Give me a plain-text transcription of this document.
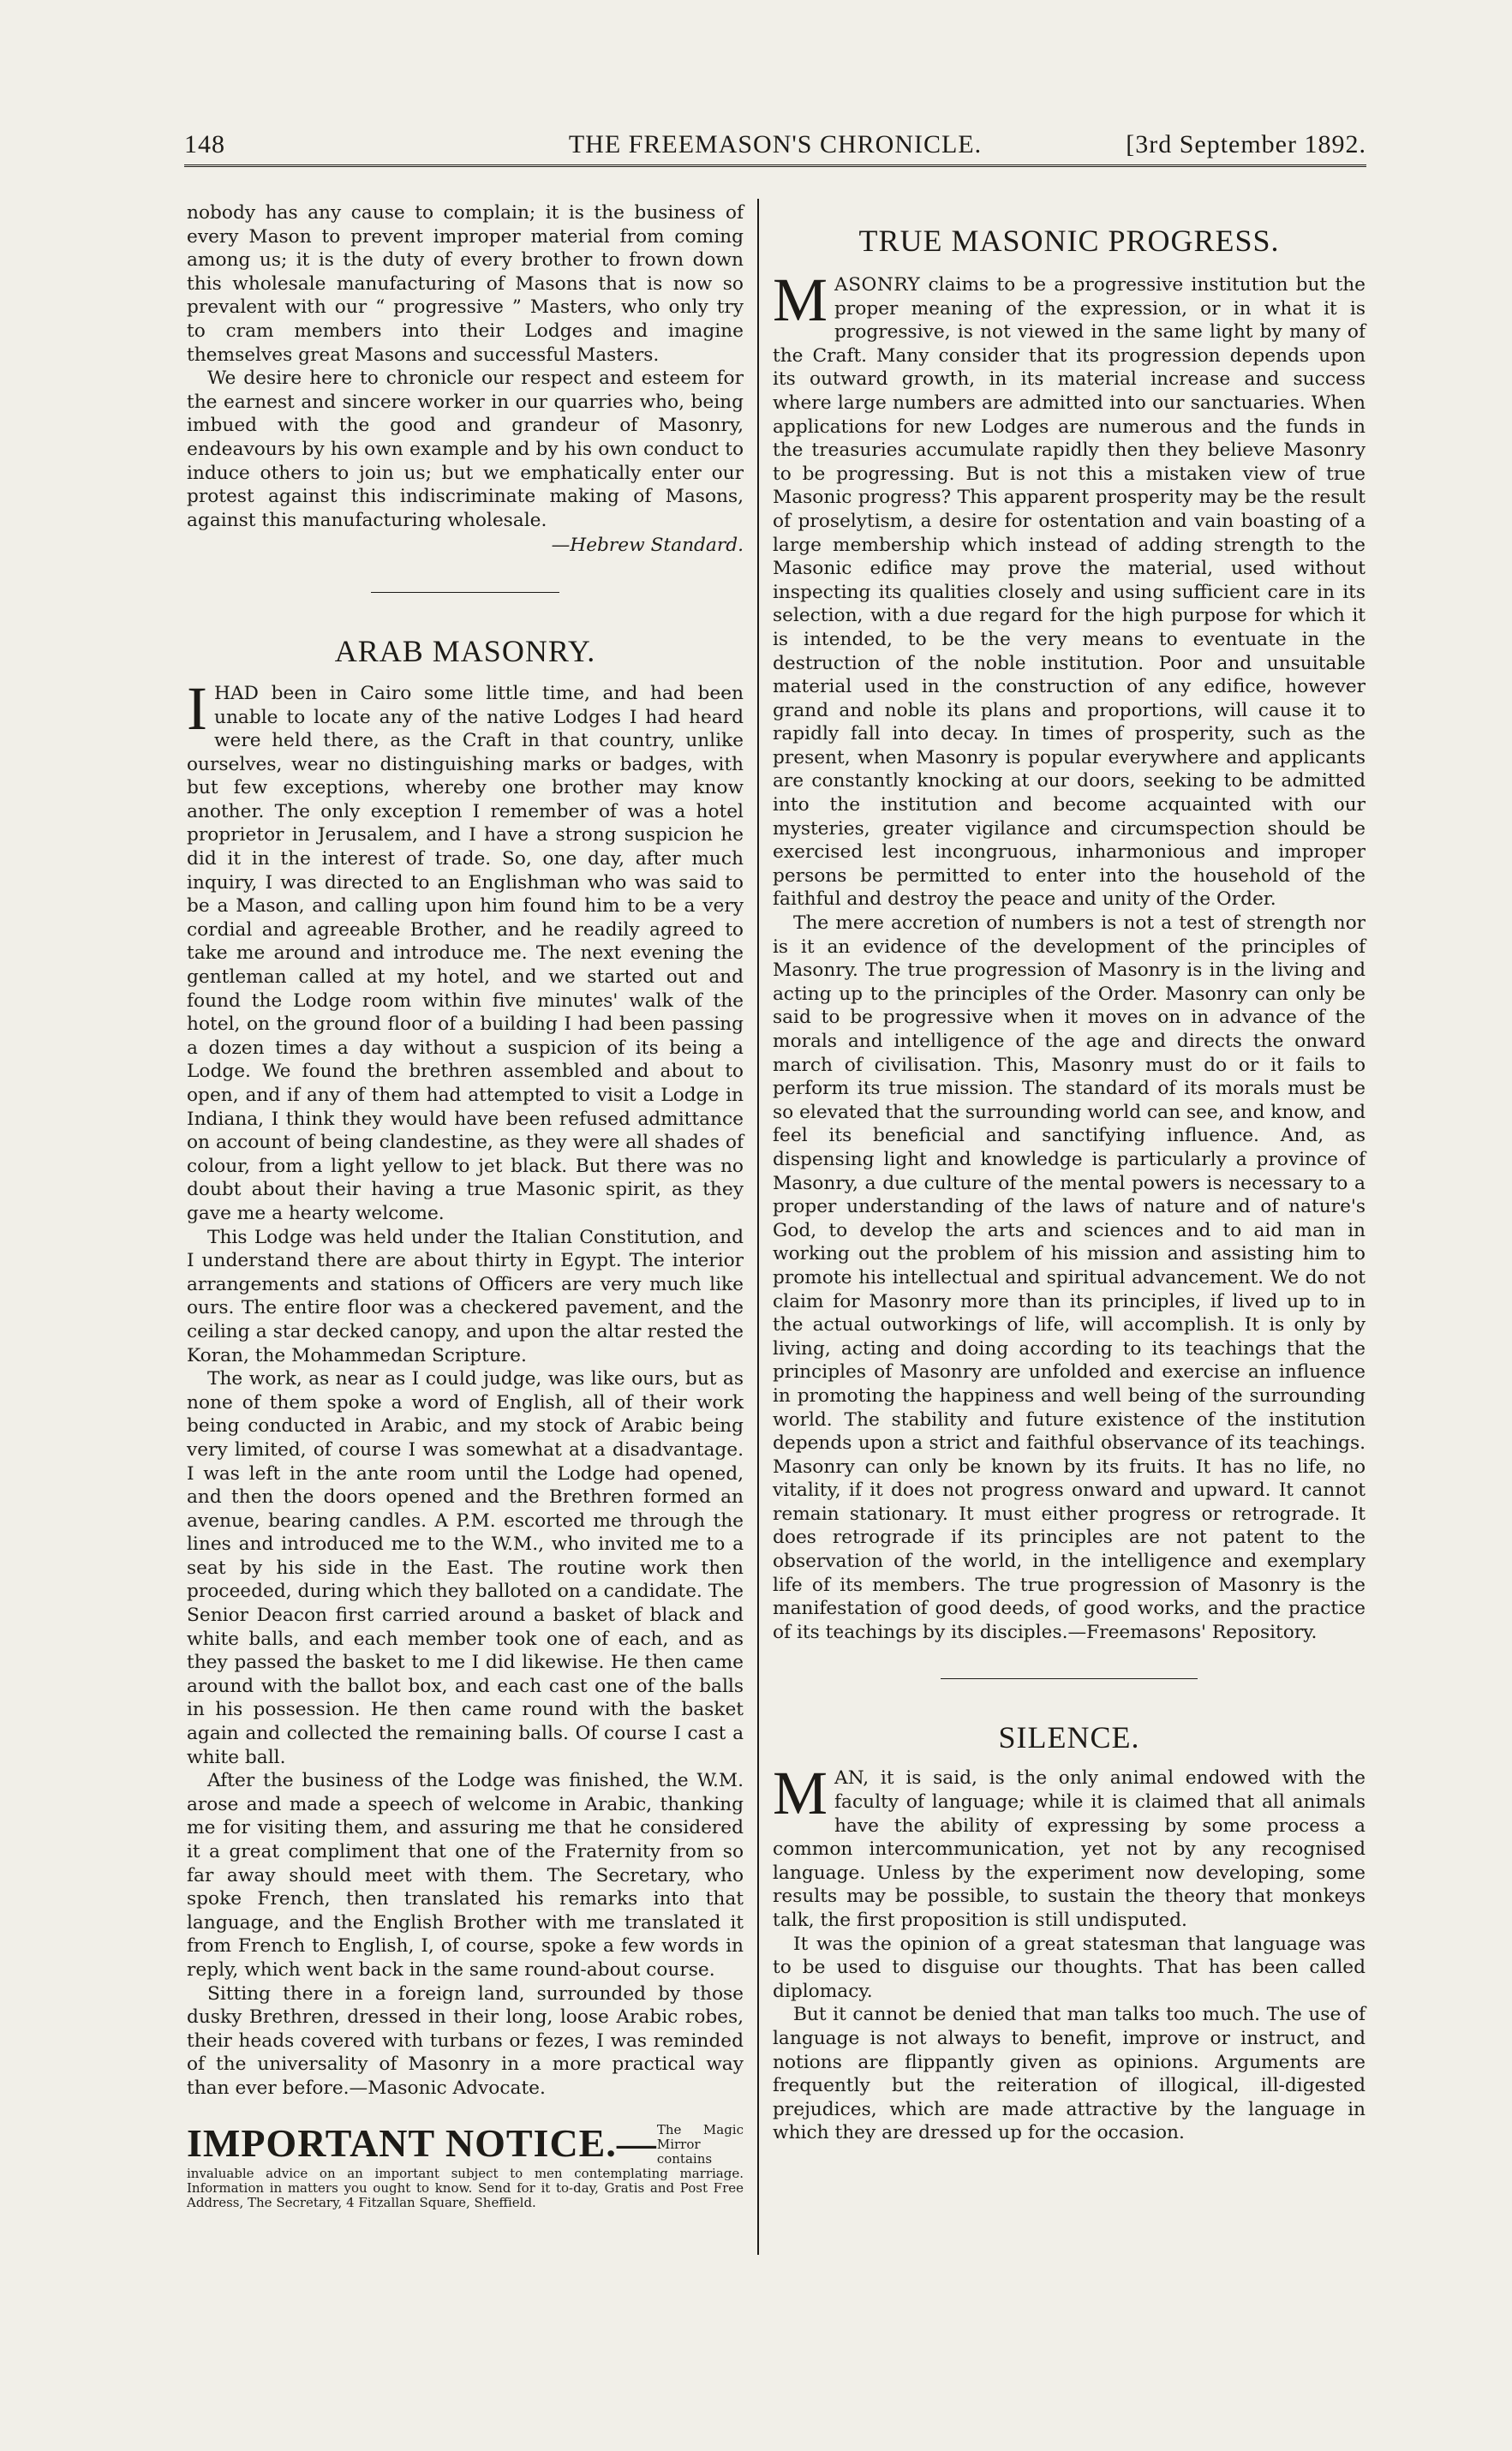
148	THE FREEMASON'S CHRONICLE.	[3rd September 1892.

nobody has any cause to complain; it is the business of every Mason to prevent improper material from coming among us; it is the duty of every brother to frown down this wholesale manufacturing of Masons that is now so prevalent with our “ progressive ” Masters, who only try to cram members into their Lodges and imagine themselves great Masons and successful Masters.

We desire here to chronicle our respect and esteem for the earnest and sincere worker in our quarries who, being imbued with the good and grandeur of Masonry, endeavours by his own example and by his own conduct to induce others to join us; but we emphatically enter our protest against this indiscriminate making of Masons, against this manufacturing wholesale.

—Hebrew Standard.

ARAB MASONRY.

IHAD been in Cairo some little time, and had been unable to locate any of the native Lodges I had heard were held there, as the Craft in that country, unlike ourselves, wear no distinguishing marks or badges, with but few exceptions, whereby one brother may know another. The only exception I remember of was a hotel proprietor in Jerusalem, and I have a strong suspicion he did it in the interest of trade. So, one day, after much inquiry, I was directed to an Englishman who was said to be a Mason, and calling upon him found him to be a very cordial and agreeable Brother, and he readily agreed to take me around and introduce me. The next evening the gentleman called at my hotel, and we started out and found the Lodge room within five minutes' walk of the hotel, on the ground floor of a building I had been passing a dozen times a day without a suspicion of its being a Lodge. We found the brethren assembled and about to open, and if any of them had attempted to visit a Lodge in Indiana, I think they would have been refused admittance on account of being clandestine, as they were all shades of colour, from a light yellow to jet black. But there was no doubt about their having a true Masonic spirit, as they gave me a hearty welcome.

This Lodge was held under the Italian Constitution, and I understand there are about thirty in Egypt. The interior arrangements and stations of Officers are very much like ours. The entire floor was a checkered pavement, and the ceiling a star decked canopy, and upon the altar rested the Koran, the Mohammedan Scripture.

The work, as near as I could judge, was like ours, but as none of them spoke a word of English, all of their work being conducted in Arabic, and my stock of Arabic being very limited, of course I was somewhat at a disadvantage. I was left in the ante room until the Lodge had opened, and then the doors opened and the Brethren formed an avenue, bearing candles. A P.M. escorted me through the lines and introduced me to the W.M., who invited me to a seat by his side in the East. The routine work then proceeded, during which they balloted on a candidate. The Senior Deacon first carried around a basket of black and white balls, and each member took one of each, and as they passed the basket to me I did likewise. He then came around with the ballot box, and each cast one of the balls in his possession. He then came round with the basket again and collected the remaining balls. Of course I cast a white ball.

After the business of the Lodge was finished, the W.M. arose and made a speech of welcome in Arabic, thanking me for visiting them, and assuring me that he considered it a great compliment that one of the Fraternity from so far away should meet with them. The Secretary, who spoke French, then translated his remarks into that language, and the English Brother with me translated it from French to English, I, of course, spoke a few words in reply, which went back in the same round-about course.

Sitting there in a foreign land, surrounded by those dusky Brethren, dressed in their long, loose Arabic robes, their heads covered with turbans or fezes, I was reminded of the universality of Masonry in a more practical way than ever before.—Masonic Advocate.

IMPORTANT NOTICE.— The Magic Mirror contains invaluable advice on an important subject to men contemplating marriage. Information in matters you ought to know. Send for it to-day, Gratis and Post Free Address, The Secretary, 4 Fitzallan Square, Sheffield.
TRUE MASONIC PROGRESS.

MASONRY claims to be a progressive institution but the proper meaning of the expression, or in what it is progressive, is not viewed in the same light by many of the Craft. Many consider that its progression depends upon its outward growth, in its material increase and success where large numbers are admitted into our sanctuaries. When applications for new Lodges are numerous and the funds in the treasuries accumulate rapidly then they believe Masonry to be progressing. But is not this a mistaken view of true Masonic progress? This apparent prosperity may be the result of proselytism, a desire for ostentation and vain boasting of a large membership which instead of adding strength to the Masonic edifice may prove the material, used without inspecting its qualities closely and using sufficient care in its selection, with a due regard for the high purpose for which it is intended, to be the very means to eventuate in the destruction of the noble institution. Poor and unsuitable material used in the construction of any edifice, however grand and noble its plans and proportions, will cause it to rapidly fall into decay. In times of prosperity, such as the present, when Masonry is popular everywhere and applicants are constantly knocking at our doors, seeking to be admitted into the institution and become acquainted with our mysteries, greater vigilance and circumspection should be exercised lest incongruous, inharmonious and improper persons be permitted to enter into the household of the faithful and destroy the peace and unity of the Order.

The mere accretion of numbers is not a test of strength nor is it an evidence of the development of the principles of Masonry. The true progression of Masonry is in the living and acting up to the principles of the Order. Masonry can only be said to be progressive when it moves on in advance of the morals and intelligence of the age and directs the onward march of civilisation. This, Masonry must do or it fails to perform its true mission. The standard of its morals must be so elevated that the surrounding world can see, and know, and feel its beneficial and sanctifying influence. And, as dispensing light and knowledge is particularly a province of Masonry, a due culture of the mental powers is necessary to a proper understanding of the laws of nature and of nature's God, to develop the arts and sciences and to aid man in working out the problem of his mission and assisting him to promote his intellectual and spiritual advancement. We do not claim for Masonry more than its principles, if lived up to in the actual outworkings of life, will accomplish. It is only by living, acting and doing according to its teachings that the principles of Masonry are unfolded and exercise an influence in promoting the happiness and well being of the surrounding world. The stability and future existence of the institution depends upon a strict and faithful observance of its teachings. Masonry can only be known by its fruits. It has no life, no vitality, if it does not progress onward and upward. It cannot remain stationary. It must either progress or retrograde. It does retrograde if its principles are not patent to the observation of the world, in the intelligence and exemplary life of its members. The true progression of Masonry is the manifestation of good deeds, of good works, and the practice of its teachings by its disciples.—Freemasons' Repository.

SILENCE.

MAN, it is said, is the only animal endowed with the faculty of language; while it is claimed that all animals have the ability of expressing by some process a common intercommunication, yet not by any recognised language. Unless by the experiment now developing, some results may be possible, to sustain the theory that monkeys talk, the first proposition is still undisputed.

It was the opinion of a great statesman that language was to be used to disguise our thoughts. That has been called diplomacy.

But it cannot be denied that man talks too much. The use of language is not always to benefit, improve or instruct, and notions are flippantly given as opinions. Arguments are frequently but the reiteration of illogical, ill-digested prejudices, which are made attractive by the language in which they are dressed up for the occasion.
